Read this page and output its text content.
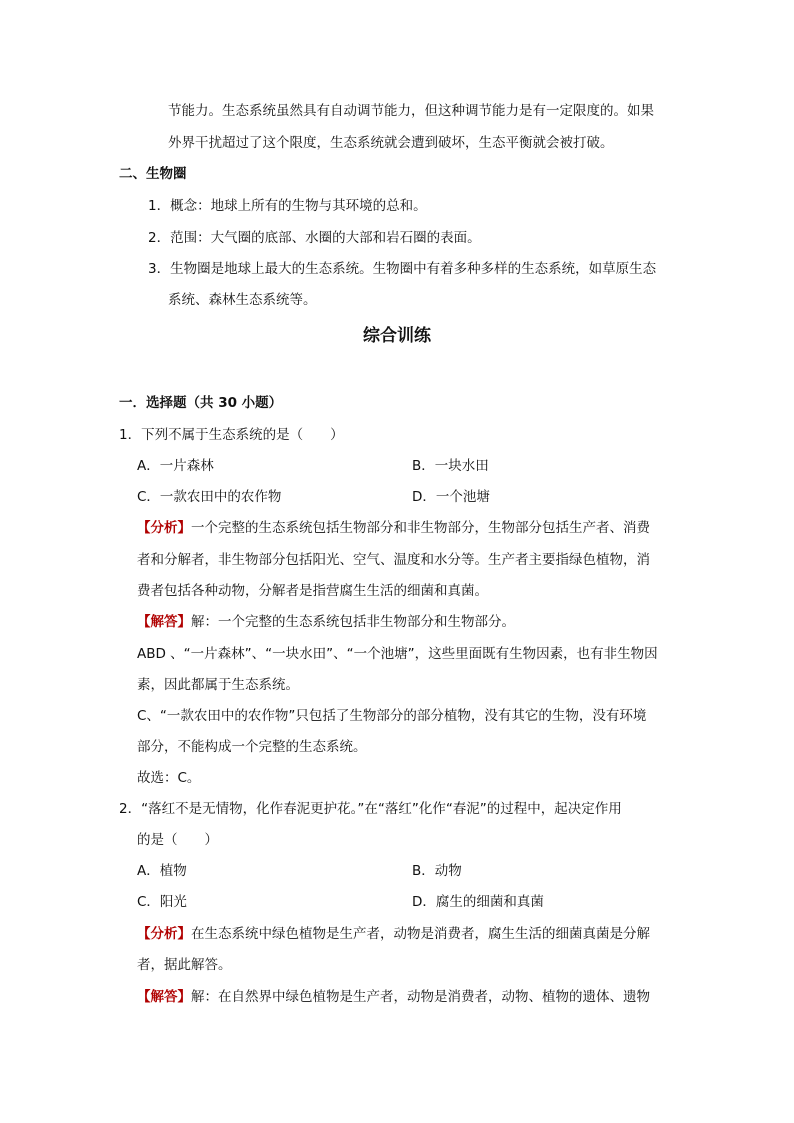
节能力。生态系统虽然具有自动调节能力，但这种调节能力是有一定限度的。如果
外界干扰超过了这个限度，生态系统就会遭到破坏，生态平衡就会被打破。
二、生物圈
1．概念：地球上所有的生物与其环境的总和。
2．范围：大气圈的底部、水圈的大部和岩石圈的表面。
3．生物圈是地球上最大的生态系统。生物圈中有着多种多样的生态系统，如草原生态
系统、森林生态系统等。
综合训练
一．选择题（共 30 小题）
1．下列不属于生态系统的是（　　）
A．一片森林	B．一块水田
C．一款农田中的农作物	D．一个池塘
【分析】一个完整的生态系统包括生物部分和非生物部分，生物部分包括生产者、消费
者和分解者，非生物部分包括阳光、空气、温度和水分等。生产者主要指绿色植物，消
费者包括各种动物，分解者是指营腐生生活的细菌和真菌。
【解答】解：一个完整的生态系统包括非生物部分和生物部分。
ABD 、“一片森林”、“一块水田”、“一个池塘”，这些里面既有生物因素，也有非生物因
素，因此都属于生态系统。
C、“一款农田中的农作物”只包括了生物部分的部分植物，没有其它的生物，没有环境
部分，不能构成一个完整的生态系统。
故选：C。
2．“落红不是无情物，化作春泥更护花。”在“落红”化作“春泥”的过程中，起决定作用
的是（　　）
A．植物	B．动物
C．阳光	D．腐生的细菌和真菌
【分析】在生态系统中绿色植物是生产者，动物是消费者，腐生生活的细菌真菌是分解
者，据此解答。
【解答】解：在自然界中绿色植物是生产者，动物是消费者，动物、植物的遗体、遗物
